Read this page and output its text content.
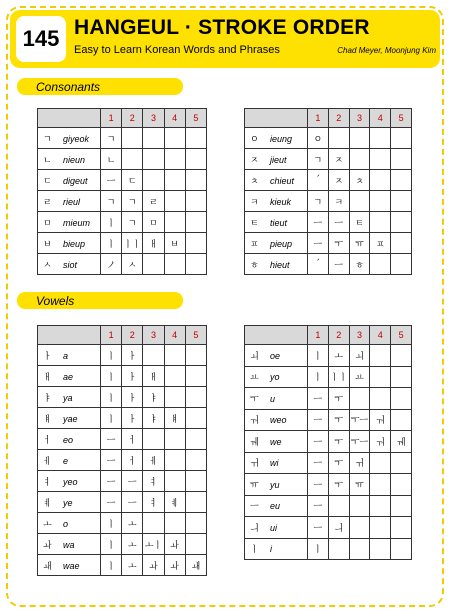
145 HANGEUL · STROKE ORDER
Easy to Learn Korean Words and Phrases	Chad Meyer, Moonjung Kim
Consonants
Vowels
	1	2	3	4	5
ㄱ giyeok	ㄱ				
ㄴ nieun	ㄴ				
ㄷ digeut	ㅡ	ㄷ			
ㄹ rieul	ㄱ	ㄱ	ㄹ		
ㅁ mieum	ㅣ	ㄱ	ㅁ		
ㅂ bieup	ㅣ	ㅣㅣ	ㅐ	ㅂ	
ㅅ siot	ノ	ㅅ			
	1	2	3	4	5
ㅇ ieung	ㅇ				
ㅈ jieut	ㄱ	ㅈ			
ㅊ chieut	ˊ	ㅈ	ㅊ		
ㅋ kieuk	ㄱ	ㅋ			
ㅌ tieut	ㅡ	ㅡ	ㅌ		
ㅍ pieup	ㅡ	ㅜ	ㅠ	ㅍ	
ㅎ hieut	ˊ	ㅡ	ㅎ		
	1	2	3	4	5
ㅏ a	ㅣ	ㅏ			
ㅐ ae	ㅣ	ㅏ	ㅐ		
ㅑ ya	ㅣ	ㅏ	ㅑ		
ㅒ yae	ㅣ	ㅏ	ㅑ	ㅒ	
ㅓ eo	ㅡ	ㅓ			
ㅔ e	ㅡ	ㅓ	ㅔ		
ㅕ yeo	ㅡ	ㅡ	ㅕ		
ㅖ ye	ㅡ	ㅡ	ㅕ	ㅖ	
ㅗ o	ㅣ	ㅗ			
ㅘ wa	ㅣ	ㅗ	ㅗㅣ	ㅘ	
ㅙ wae	ㅣ	ㅗ	ㅘ	ㅘ	ㅙ
	1	2	3	4	5
ㅚ oe	ㅣ	ㅗ	ㅚ		
ㅛ yo	ㅣ	ㅣㅣ	ㅛ		
ㅜ u	ㅡ	ㅜ			
ㅝ weo	ㅡ	ㅜ	ㅜㅡ	ㅝ	
ㅞ we	ㅡ	ㅜ	ㅜㅡ	ㅝ	ㅞ
ㅟ wi	ㅡ	ㅜ	ㅟ		
ㅠ yu	ㅡ	ㅜ	ㅠ		
ㅡ eu	ㅡ				
ㅢ ui	ㅡ	ㅢ			
ㅣ i	ㅣ				
